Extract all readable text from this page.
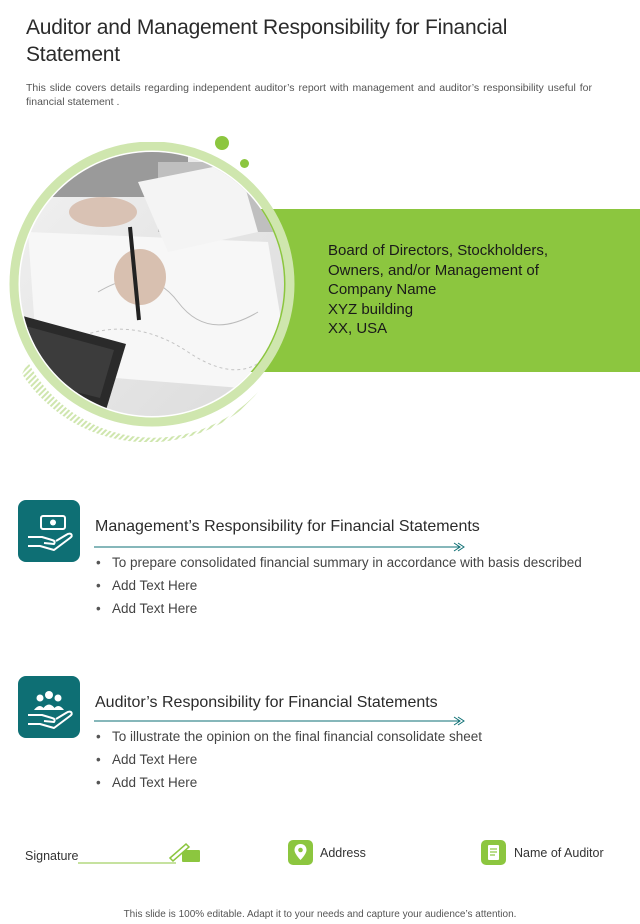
Auditor and Management Responsibility for Financial Statement
This slide covers details regarding independent auditor’s report with management and auditor’s responsibility useful for financial statement .
Board of Directors, Stockholders,
Owners, and/or Management of
Company Name
XYZ building
XX, USA
Management’s Responsibility for Financial Statements
• To prepare consolidated financial summary in accordance with basis described
• Add Text Here
• Add Text Here
Auditor’s Responsibility for Financial Statements
• To illustrate the opinion on the final financial consolidate sheet
• Add Text Here
• Add Text Here
Signature	Address	Name of Auditor
This slide is 100% editable. Adapt it to your needs and capture your audience’s attention.
